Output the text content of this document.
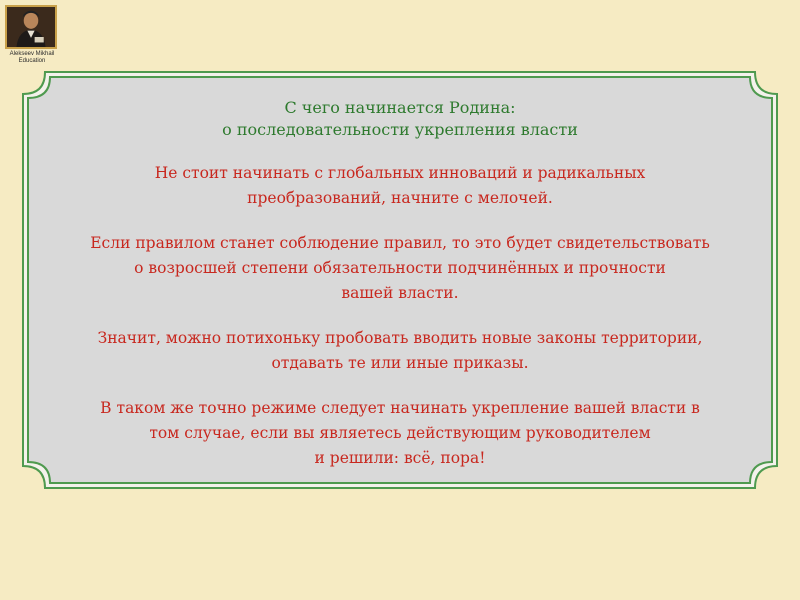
Alekseev Mikhail
Education
С чего начинается Родина:
о последовательности укрепления власти

Не стоит начинать с глобальных инноваций и радикальных
преобразований, начните с мелочей.

Если правилом станет соблюдение правил, то это будет свидетельствовать
о возросшей степени обязательности подчинённых и прочности
вашей власти.

Значит, можно потихоньку пробовать вводить новые законы территории,
отдавать те или иные приказы.

В таком же точно режиме следует начинать укрепление вашей власти в
том случае, если вы являетесь действующим руководителем
и решили: всё, пора!
